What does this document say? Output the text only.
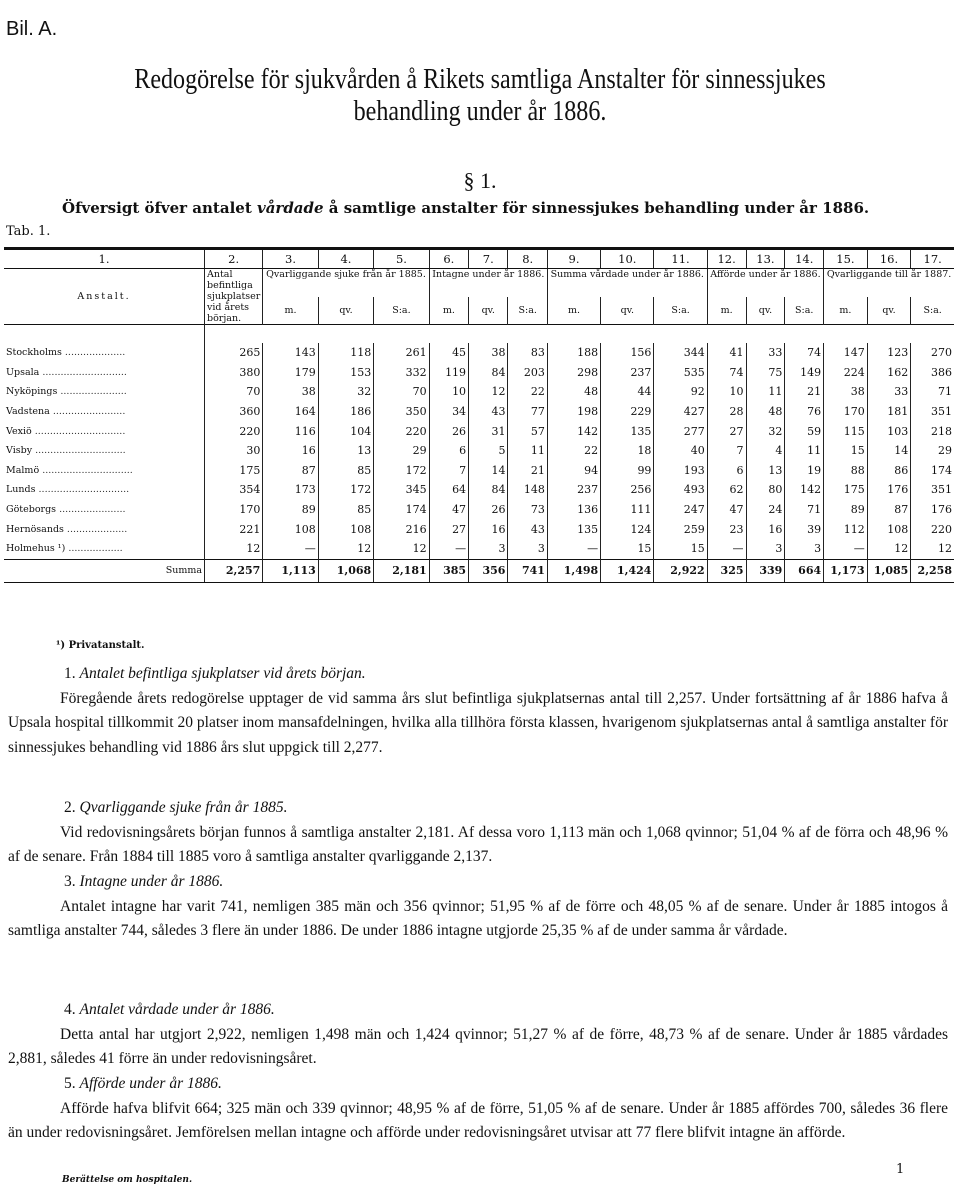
Bil. A.
Redogörelse för sjukvården å Rikets samtliga Anstalter för sinnessjukes
behandling under år 1886.
§ 1.
Öfversigt öfver antalet vårdade å samtlige anstalter för sinnessjukes behandling under år 1886.
Tab. 1.
1.	2.	3.	4.	5.	6.	7.	8.	9.	10.	11.	12.	13.	14.	15.	16.	17.
Anstalt.	Antal befintliga sjukplatser vid årets början.	Qvarliggande sjuke från år 1885.			Intagne under år 1886.			Summa vårdade under år 1886.			Afförde under år 1886.			Qvarliggande till år 1887.		
		m.	qv.	S:a.	m.	qv.	S:a.	m.	qv.	S:a.	m.	qv.	S:a.	m.	qv.	S:a.

Stockholms ....................	265	143	118	261	45	38	83	188	156	344	41	33	74	147	123	270
Upsala ............................	380	179	153	332	119	84	203	298	237	535	74	75	149	224	162	386
Nyköpings ......................	70	38	32	70	10	12	22	48	44	92	10	11	21	38	33	71
Vadstena ........................	360	164	186	350	34	43	77	198	229	427	28	48	76	170	181	351
Vexiö ..............................	220	116	104	220	26	31	57	142	135	277	27	32	59	115	103	218
Visby ..............................	30	16	13	29	6	5	11	22	18	40	7	4	11	15	14	29
Malmö ..............................	175	87	85	172	7	14	21	94	99	193	6	13	19	88	86	174
Lunds ..............................	354	173	172	345	64	84	148	237	256	493	62	80	142	175	176	351
Göteborgs ......................	170	89	85	174	47	26	73	136	111	247	47	24	71	89	87	176
Hernösands ....................	221	108	108	216	27	16	43	135	124	259	23	16	39	112	108	220
Holmehus ¹) ..................	12	—	12	12	—	3	3	—	15	15	—	3	3	—	12	12
Summa	2,257	1,113	1,068	2,181	385	356	741	1,498	1,424	2,922	325	339	664	1,173	1,085	2,258
¹) Privatanstalt.
1. Antalet befintliga sjukplatser vid årets början.

Föregående årets redogörelse upptager de vid samma års slut befintliga sjukplatsernas antal till 2,257. Under fortsättning af år 1886 hafva å Upsala hospital tillkommit 20 platser inom mansafdelningen, hvilka alla tillhöra första klassen, hvarigenom sjukplatsernas antal å samtliga anstalter för sinnessjukes behandling vid 1886 års slut uppgick till 2,277.

2. Qvarliggande sjuke från år 1885.

Vid redovisningsårets början funnos å samtliga anstalter 2,181. Af dessa voro 1,113 män och 1,068 qvinnor; 51,04 % af de förra och 48,96 % af de senare. Från 1884 till 1885 voro å samtliga anstalter qvarliggande 2,137.

3. Intagne under år 1886.

Antalet intagne har varit 741, nemligen 385 män och 356 qvinnor; 51,95 % af de förre och 48,05 % af de senare. Under år 1885 intogos å samtliga anstalter 744, således 3 flere än under 1886. De under 1886 intagne utgjorde 25,35 % af de under samma år vårdade.

4. Antalet vårdade under år 1886.

Detta antal har utgjort 2,922, nemligen 1,498 män och 1,424 qvinnor; 51,27 % af de förre, 48,73 % af de senare. Under år 1885 vårdades 2,881, således 41 förre än under redovisningsåret.

5. Afförde under år 1886.

Afförde hafva blifvit 664; 325 män och 339 qvinnor; 48,95 % af de förre, 51,05 % af de senare. Under år 1885 affördes 700, således 36 flere än under redovisningsåret. Jemförelsen mellan intagne och afförde under redovisningsåret utvisar att 77 flere blifvit intagne än afförde.

Berättelse om hospitalen.
1
